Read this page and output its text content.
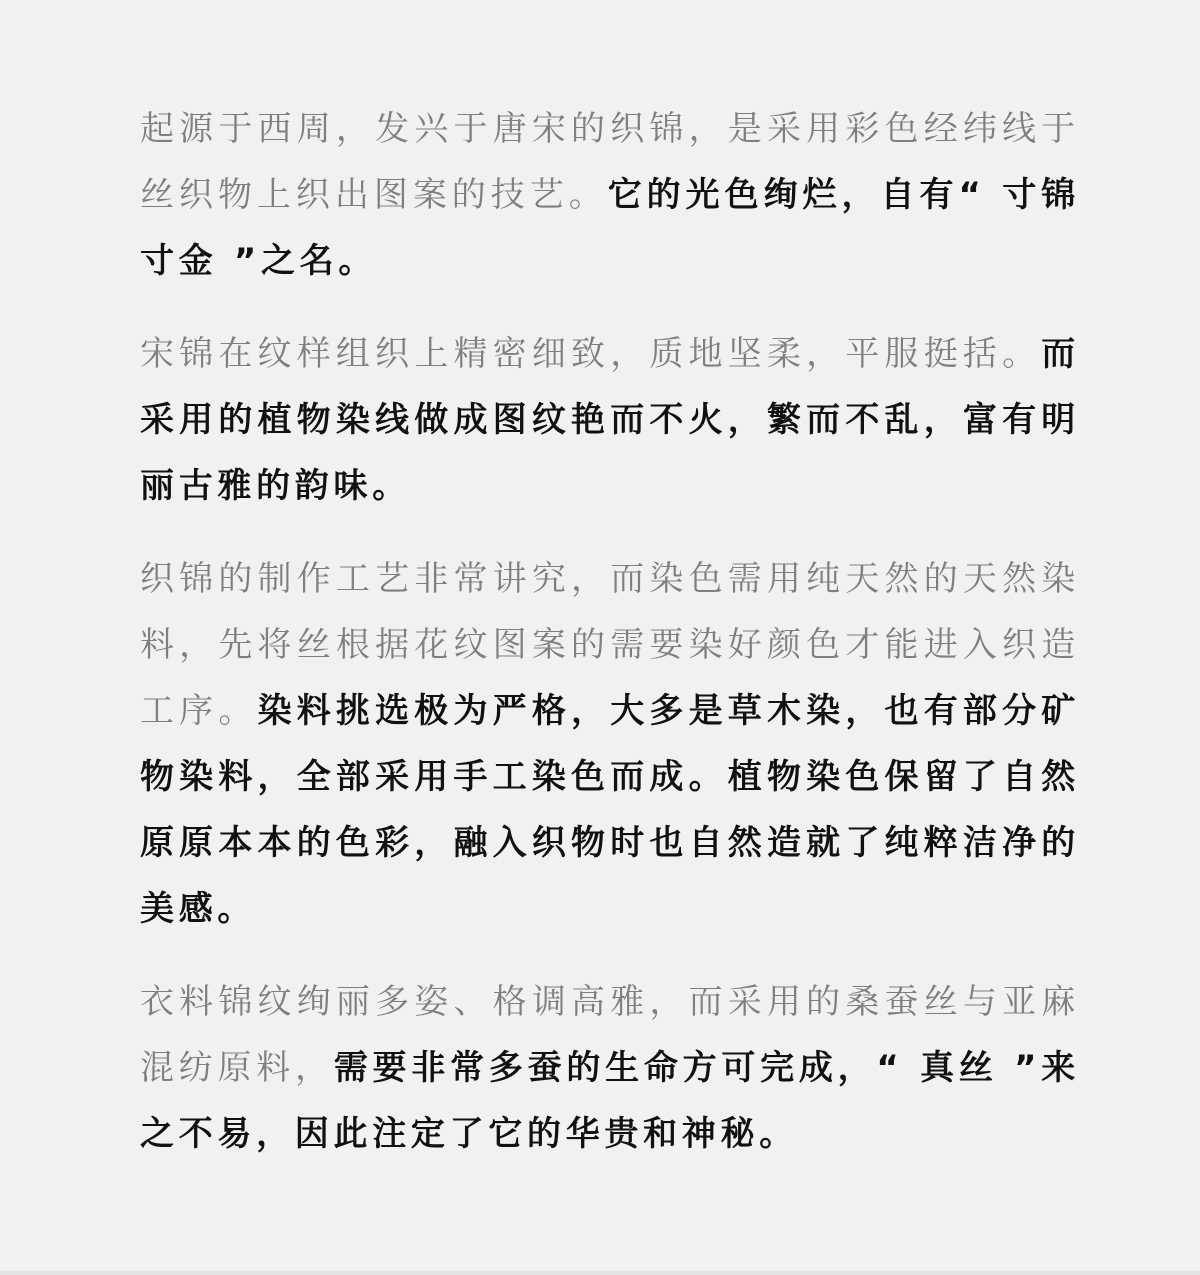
起源于西周，发兴于唐宋的织锦，是采用彩色经纬线于丝织物上织出图案的技艺。它的光色绚烂，自有“ 寸锦寸金 ”之名。

宋锦在纹样组织上精密细致，质地坚柔，平服挺括。而采用的植物染线做成图纹艳而不火，繁而不乱，富有明丽古雅的韵味。

织锦的制作工艺非常讲究，而染色需用纯天然的天然染料，先将丝根据花纹图案的需要染好颜色才能进入织造工序。染料挑选极为严格，大多是草木染，也有部分矿物染料，全部采用手工染色而成。植物染色保留了自然原原本本的色彩，融入织物时也自然造就了纯粹洁净的美感。

衣料锦纹绚丽多姿、格调高雅，而采用的桑蚕丝与亚麻混纺原料，需要非常多蚕的生命方可完成，“ 真丝 ”来之不易，因此注定了它的华贵和神秘。
